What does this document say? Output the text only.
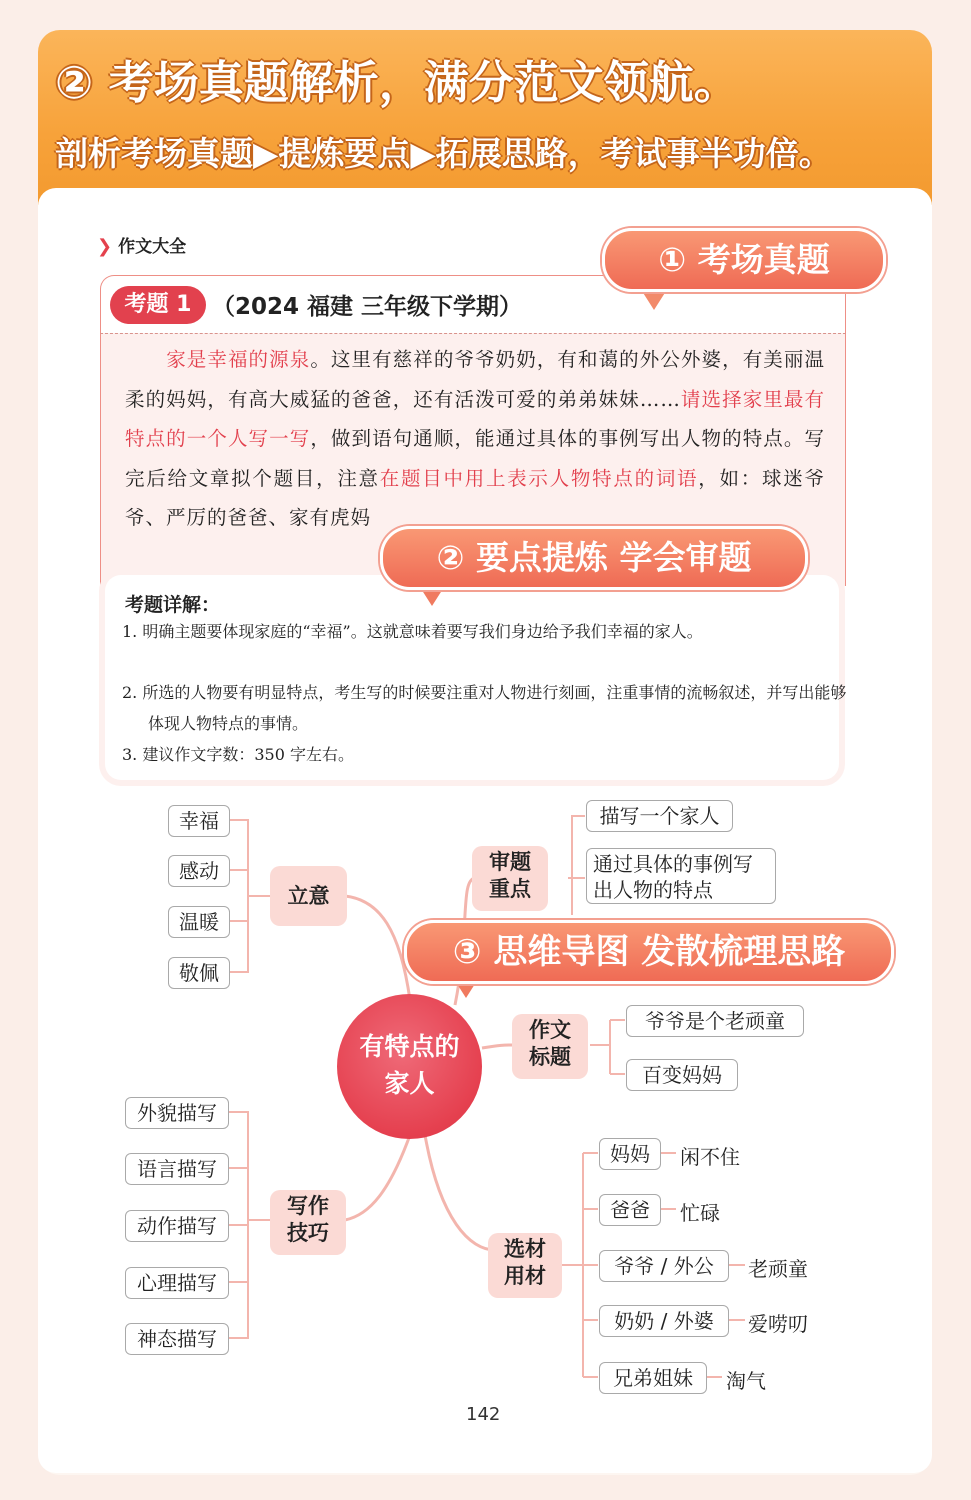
② 考场真题解析，满分范文领航。
剖析考场真题▶提炼要点▶拓展思路，考试事半功倍。
❯ 作文大全
考题 1 （2024 福建 三年级下学期）
　　家是幸福的源泉。这里有慈祥的爷爷奶奶，有和蔼的外公外婆，有美丽温柔的妈妈，有高大威猛的爸爸，还有活泼可爱的弟弟妹妹……请选择家里最有特点的一个人写一写，做到语句通顺，能通过具体的事例写出人物的特点。写完后给文章拟个题目，注意在题目中用上表示人物特点的词语，如：球迷爷爷、严厉的爸爸、家有虎妈
考题详解：
1. 明确主题要体现家庭的“幸福”。这就意味着要写我们身边给予我们幸福的家人。
2. 所选的人物要有明显特点，考生写的时候要注重对人物进行刻画，注重事情的流畅叙述，并写出能够体现人物特点的事情。
3. 建议作文字数：350 字左右。
① 考场真题
② 要点提炼 学会审题
有特点的
家人
立意
幸福
感动
温暖
敬佩
审题
重点
描写一个家人
通过具体的事例写
出人物的特点
③ 思维导图 发散梳理思路
作文
标题
爷爷是个老顽童
百变妈妈
写作
技巧
外貌描写
语言描写
动作描写
心理描写
神态描写
选材
用材
妈妈	闲不住
爸爸	忙碌
爷爷 / 外公	老顽童
奶奶 / 外婆	爱唠叨
兄弟姐妹	淘气
142
